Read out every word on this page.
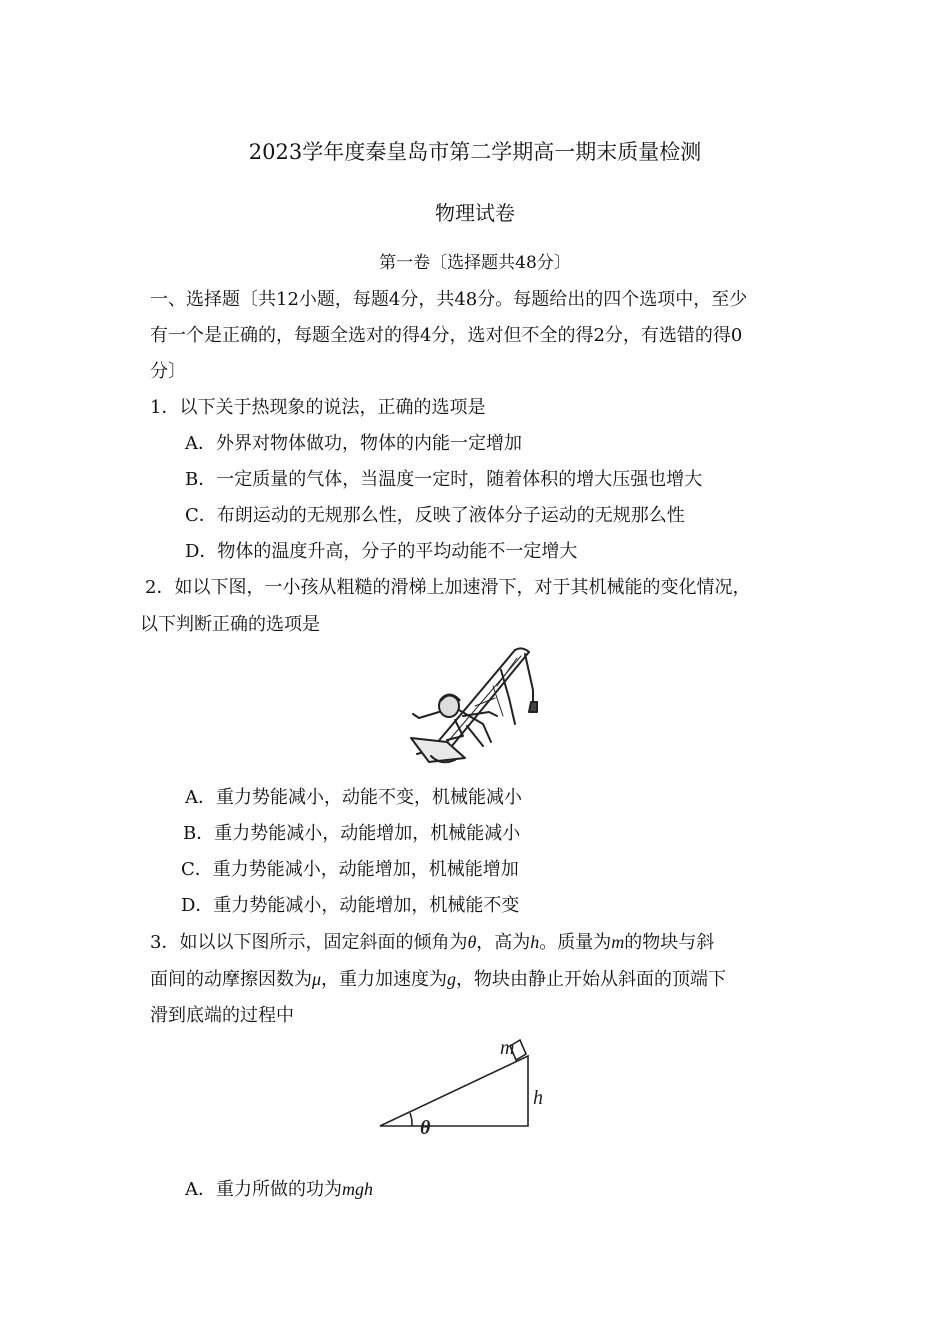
2023学年度秦皇岛市第二学期高一期末质量检测
物理试卷
第一卷〔选择题共48分〕
一、选择题〔共12小题，每题4分，共48分。每题给出的四个选项中，至少
有一个是正确的，每题全选对的得4分，选对但不全的得2分，有选错的得0
分〕
1．以下关于热现象的说法，正确的选项是
A．外界对物体做功，物体的内能一定增加
B．一定质量的气体，当温度一定时，随着体积的增大压强也增大
C．布朗运动的无规那么性，反映了液体分子运动的无规那么性
D．物体的温度升高，分子的平均动能不一定增大
2．如以下图，一小孩从粗糙的滑梯上加速滑下，对于其机械能的变化情况，
以下判断正确的选项是
A．重力势能减小，动能不变，机械能减小
B．重力势能减小，动能增加，机械能减小
C．重力势能减小，动能增加，机械能增加
D．重力势能减小，动能增加，机械能不变
3．如以以下图所示，固定斜面的倾角为θ，高为h。质量为m的物块与斜
面间的动摩擦因数为μ，重力加速度为g，物块由静止开始从斜面的顶端下
滑到底端的过程中
m
h
θ
A．重力所做的功为mgh
